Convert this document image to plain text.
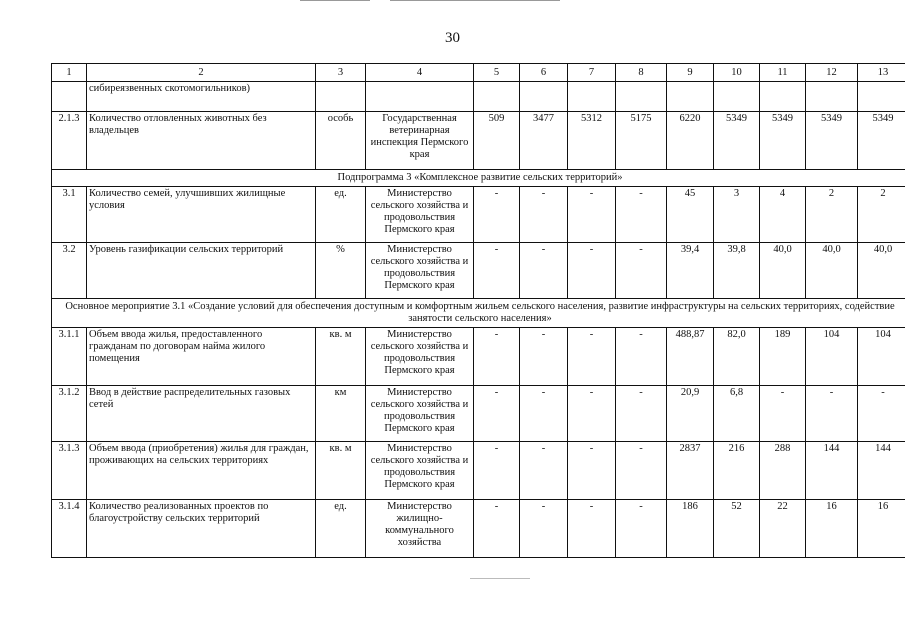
30
1	2	3	4	5	6	7	8	9	10	11	12	13
	сибиреязвенных скотомогильников)											
2.1.3	Количество отловленных животных без владельцев	особь	Государственная ветеринарная инспекция Пермского края	509	3477	5312	5175	6220	5349	5349	5349	5349
Подпрограмма 3 «Комплексное развитие сельских территорий»												
3.1	Количество семей, улучшивших жилищные условия	ед.	Министерство сельского хозяйства и продовольствия Пермского края	-	-	-	-	45	3	4	2	2
3.2	Уровень газификации сельских территорий	%	Министерство сельского хозяйства и продовольствия Пермского края	-	-	-	-	39,4	39,8	40,0	40,0	40,0
Основное мероприятие 3.1 «Создание условий для обеспечения доступным и комфортным жильем сельского населения, развитие инфраструктуры на сельских территориях, содействие занятости сельского населения»												
3.1.1	Объем ввода жилья, предоставленного гражданам по договорам найма жилого помещения	кв. м	Министерство сельского хозяйства и продовольствия Пермского края	-	-	-	-	488,87	82,0	189	104	104
3.1.2	Ввод в действие распределительных газовых сетей	км	Министерство сельского хозяйства и продовольствия Пермского края	-	-	-	-	20,9	6,8	-	-	-
3.1.3	Объем ввода (приобретения) жилья для граждан, проживающих на сельских территориях	кв. м	Министерство сельского хозяйства и продовольствия Пермского края	-	-	-	-	2837	216	288	144	144
3.1.4	Количество реализованных проектов по благоустройству сельских территорий	ед.	Министерство жилищно-коммунального хозяйства	-	-	-	-	186	52	22	16	16
